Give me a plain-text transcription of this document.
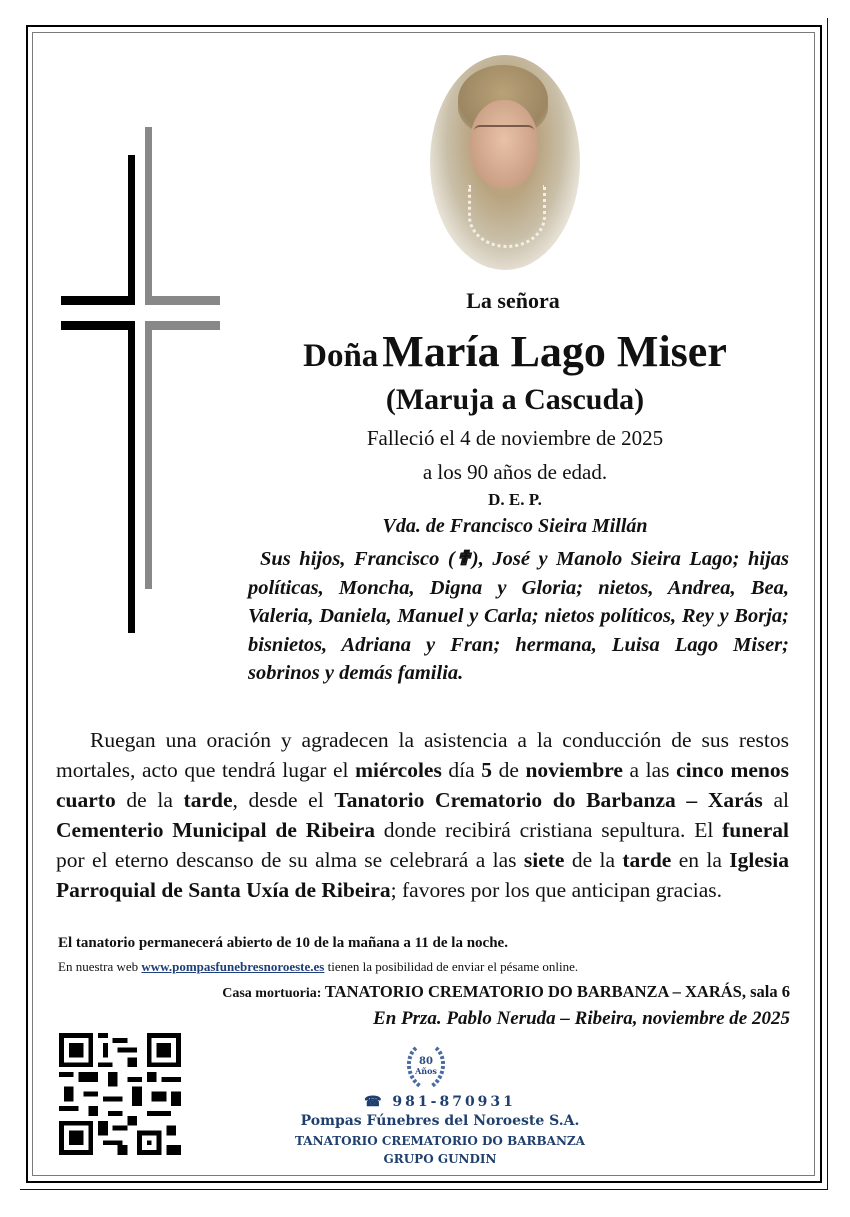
La señora
Doña María Lago Miser
(Maruja a Cascuda)
Falleció el 4 de noviembre de 2025
a los 90 años de edad.
D. E. P.
Vda. de Francisco Sieira Millán
Sus hijos, Francisco (✟), José y Manolo Sieira Lago; hijas políticas, Moncha, Digna y Gloria; nietos, Andrea, Bea, Valeria, Daniela, Manuel y Carla; nietos políticos, Rey y Borja; bisnietos, Adriana y Fran; hermana, Luisa Lago Miser; sobrinos y demás familia.
Ruegan una oración y agradecen la asistencia a la conducción de sus restos mortales, acto que tendrá lugar el miércoles día 5 de noviembre a las cinco menos cuarto de la tarde, desde el Tanatorio Crematorio do Barbanza – Xarás al Cementerio Municipal de Ribeira donde recibirá cristiana sepultura. El funeral por el eterno descanso de su alma se celebrará a las siete de la tarde en la Iglesia Parroquial de Santa Uxía de Ribeira; favores por los que anticipan gracias.
El tanatorio permanecerá abierto de 10 de la mañana a 11 de la noche.
En nuestra web www.pompasfunebresnoroeste.es tienen la posibilidad de enviar el pésame online.
Casa mortuoria: TANATORIO CREMATORIO DO BARBANZA – XARÁS, sala 6
En Prza. Pablo Neruda – Ribeira, noviembre de 2025
80
Años
☎ 981-870931
Pompas Fúnebres del Noroeste S.A.
TANATORIO CREMATORIO DO BARBANZA
GRUPO GUNDIN
